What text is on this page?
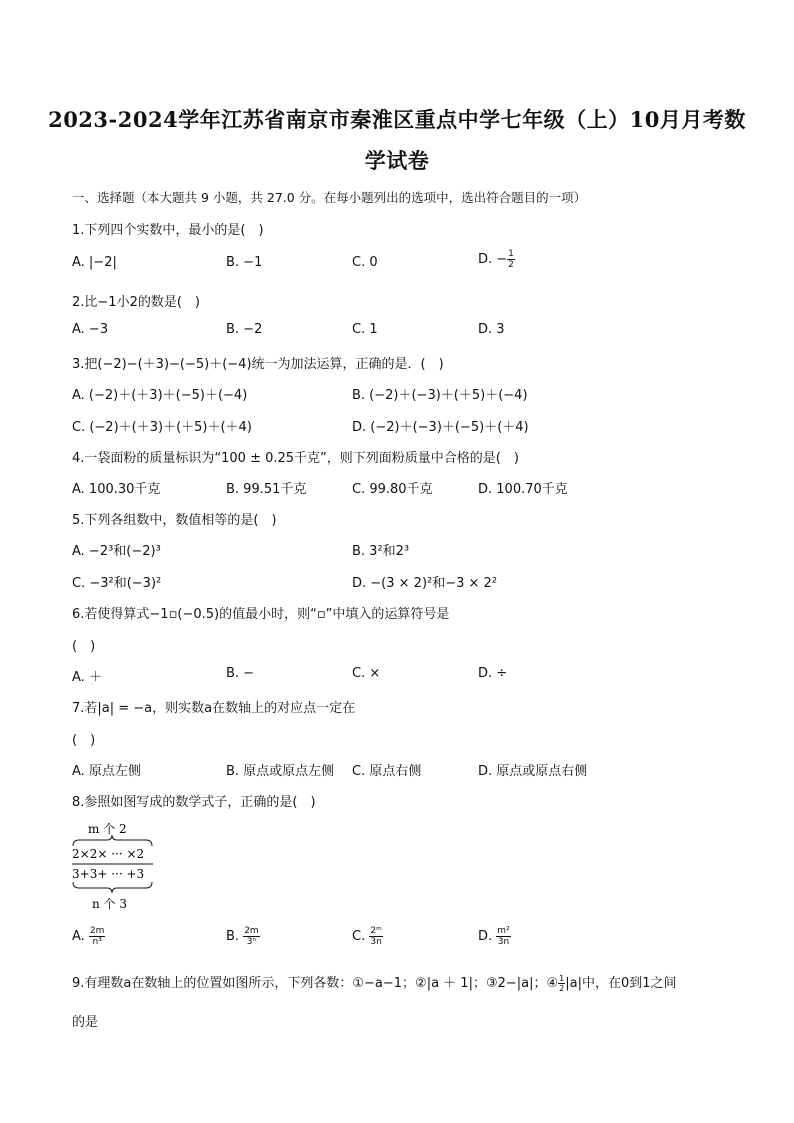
2023-2024学年江苏省南京市秦淮区重点中学七年级（上）10月月考数
学试卷
一、选择题（本大题共 9 小题，共 27.0 分。在每小题列出的选项中，选出符合题目的一项）
1.下列四个实数中，最小的是(　)
A. |−2|	B. −1	C. 0	D. − $\frac{1}{2}$
2.比−1小2的数是(　)
A. −3	B. −2	C. 1	D. 3
3.把(−2)−(＋3)−(−5)＋(−4)统一为加法运算，正确的是．(　)
A. (−2)＋(＋3)＋(−5)＋(−4)	B. (−2)＋(−3)＋(＋5)＋(−4)
C. (−2)＋(＋3)＋(＋5)＋(＋4)	D. (−2)＋(−3)＋(−5)＋(＋4)
4.一袋面粉的质量标识为“100 ± 0.25千克”，则下列面粉质量中合格的是(　)
A. 100.30千克	B. 99.51千克	C. 99.80千克	D. 100.70千克
5.下列各组数中，数值相等的是(　)
A. −2³和(−2)³	B. 3²和2³
C. −3²和(−3)²	D. −(3 × 2)²和−3 × 2²
6.若使得算式−1▫(−0.5)的值最小时，则“▫”中填入的运算符号是
(　)
A. ＋	B. −	C. ×	D. ÷
7.若|a| = −a，则实数a在数轴上的对应点一定在
(　)
A. 原点左侧	B. 原点或原点左侧 C. 原点右侧	D. 原点或原点右侧
8.参照如图写成的数学式子，正确的是(　)
m 个 2
2×2× ··· ×2
3+3+ ··· +3
n 个 3
A. $\frac{2m}{\text{n³}}$	B. $\frac{2m}{\text{3ⁿ}}$	C. $\frac{\text{2ᵐ}}{3n}$	D. $\frac{\text{m²}}{3n}$
9.有理数a在数轴上的位置如图所示，下列各数：①−a−1；②|a ＋ 1|；③2−|a|；④ $\frac{1}{2} |a|$中，在0到1之间
的是
